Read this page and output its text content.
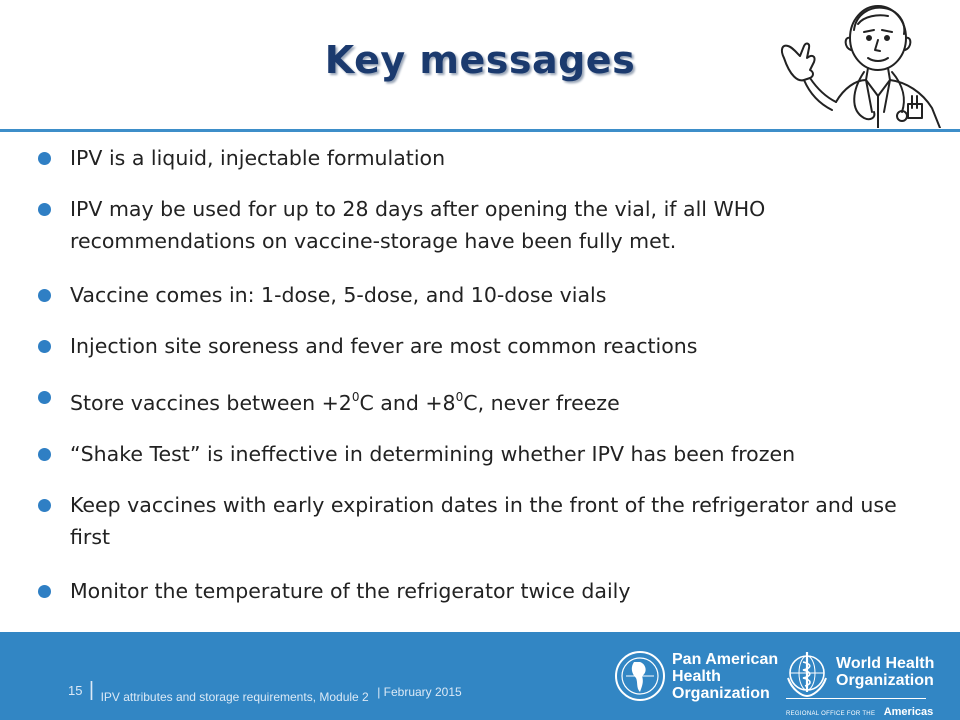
Key messages
IPV is a liquid, injectable formulation
IPV may be used for up to 28 days after opening the vial, if all WHO recommendations on vaccine-storage have been fully met.
Vaccine comes in: 1-dose, 5-dose, and 10-dose vials
Injection site soreness and fever are most common reactions
Store vaccines between $+2^0C$ and $+8^0C$, never freeze
“Shake Test” is ineffective in determining whether IPV has been frozen
Keep vaccines with early expiration dates in the front of the refrigerator and use first
Monitor the temperature of the refrigerator twice daily
15 | $_{IPV attributes and storage requirements, Module 2}$ | February 2015
Pan American
Health
Organization
World Health
Organization
REGIONAL OFFICE FOR THE Americas
